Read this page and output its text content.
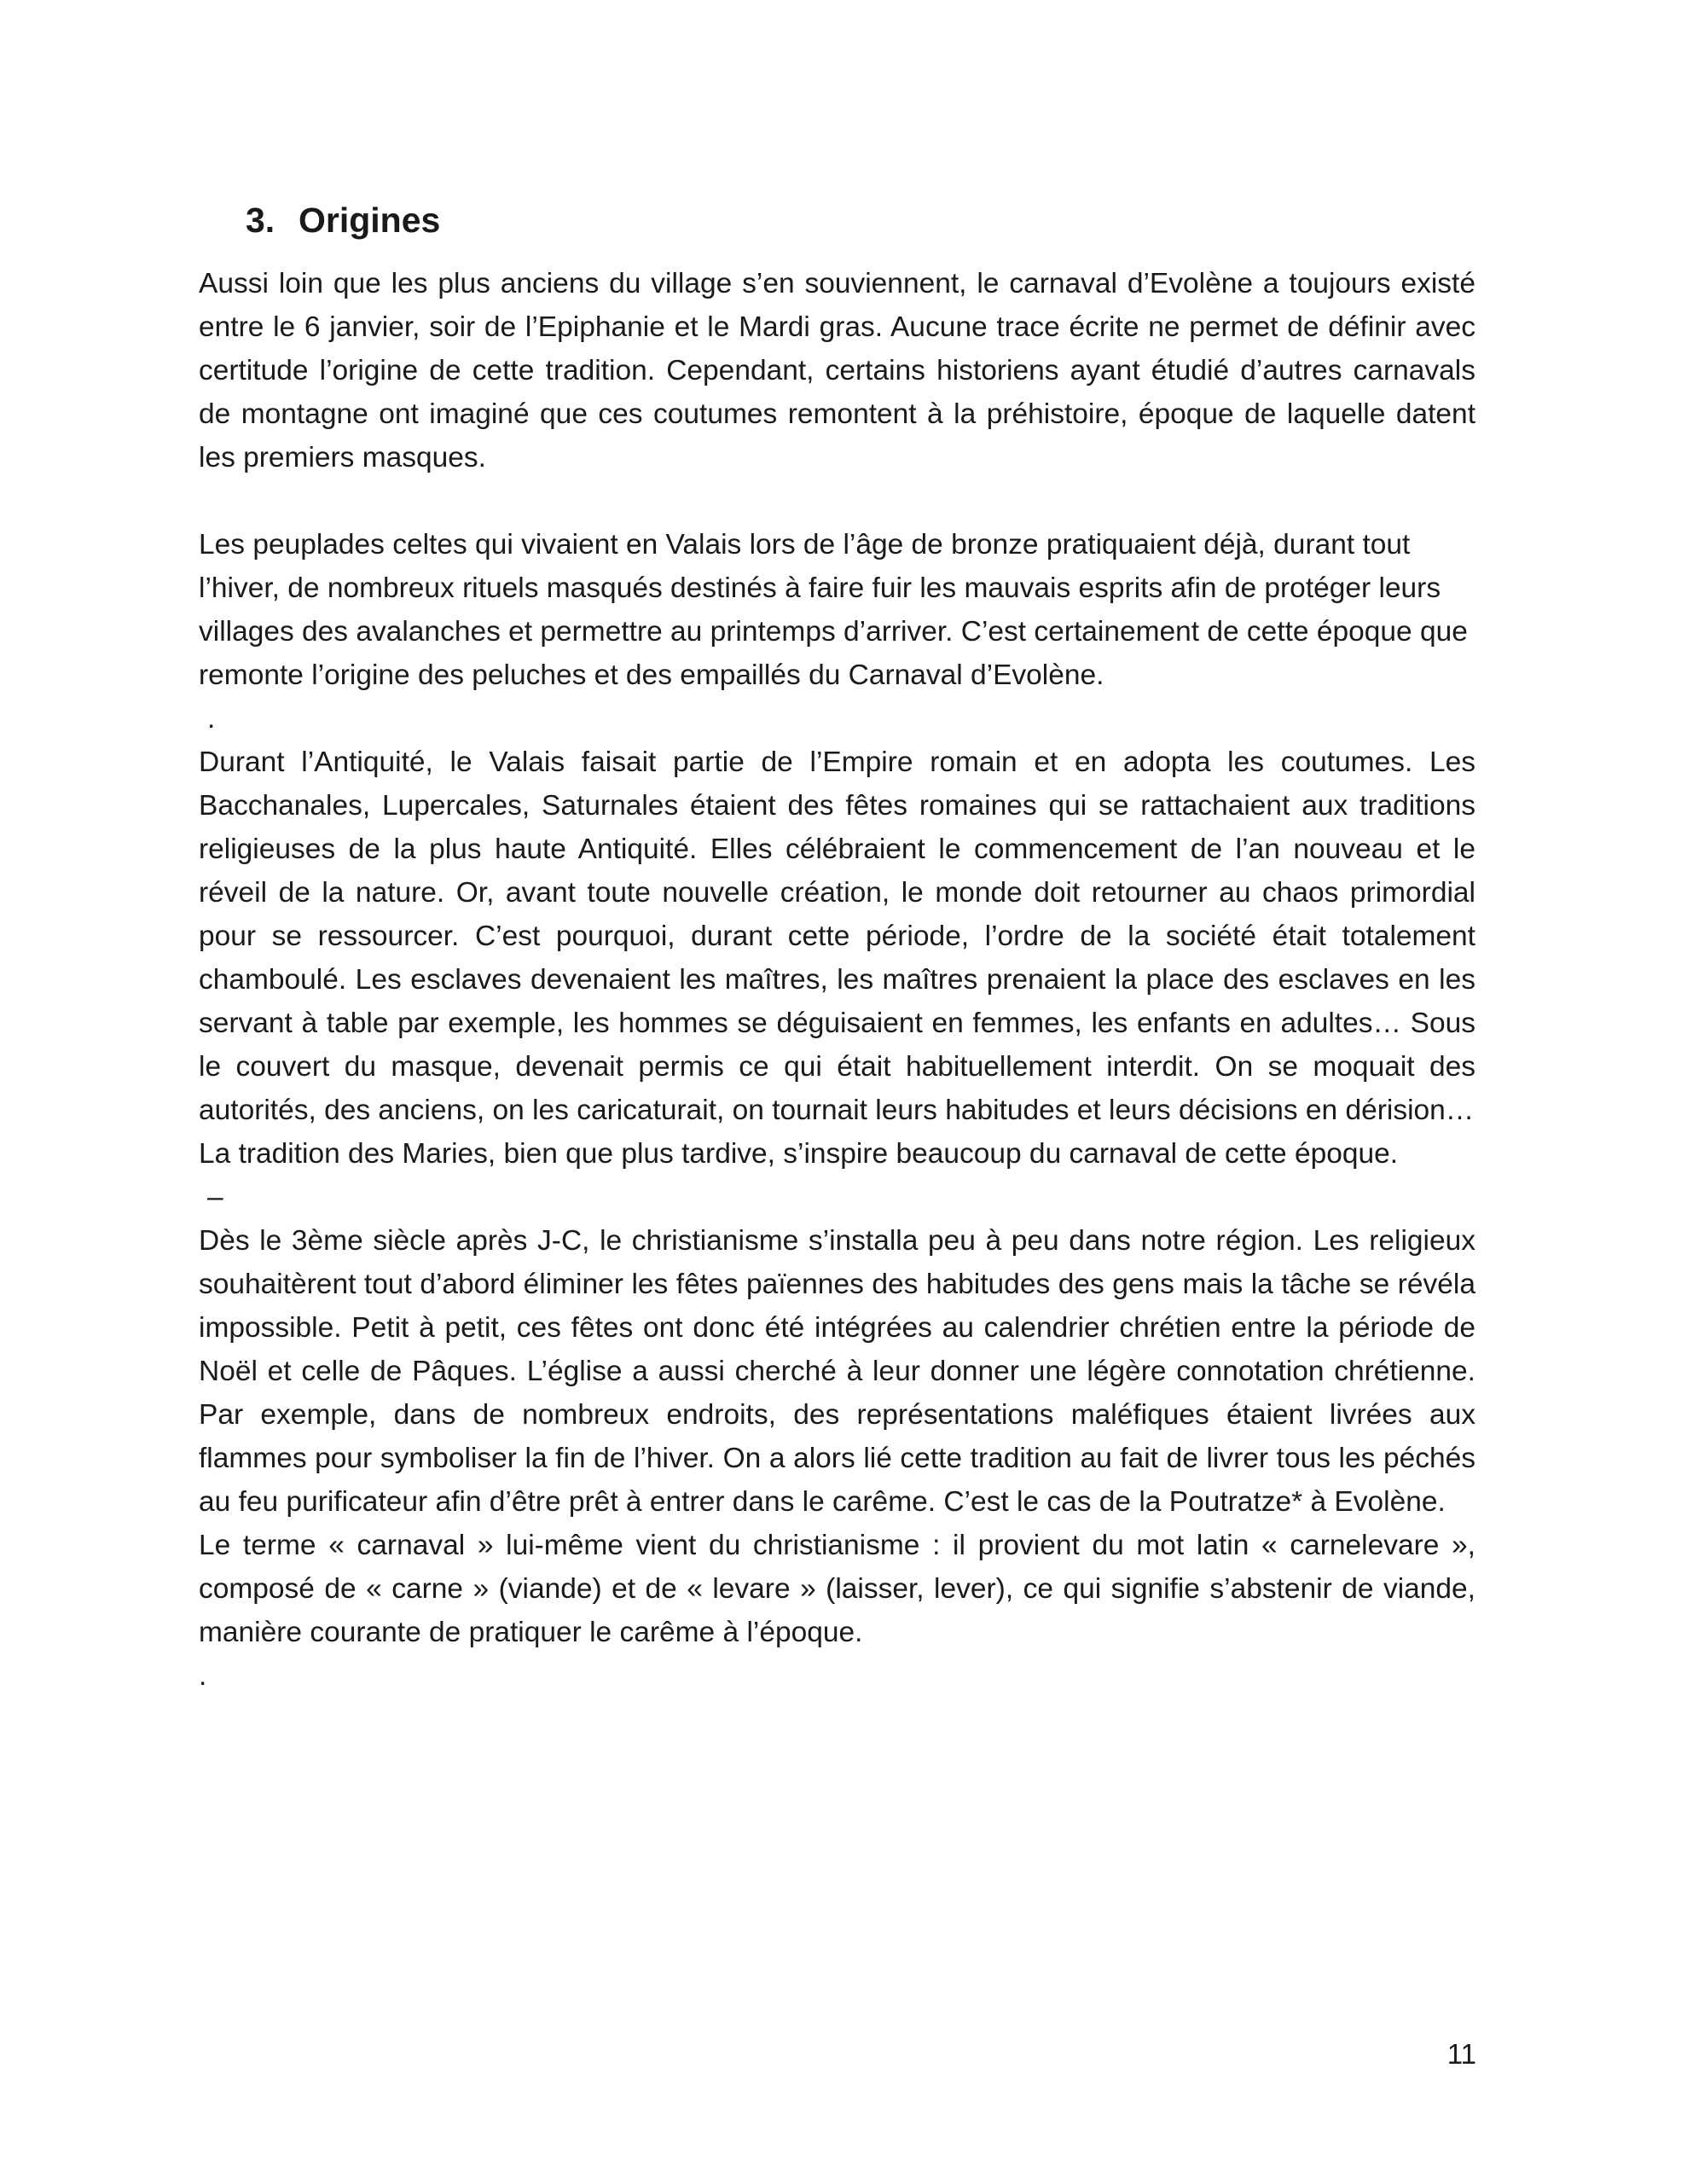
3. Origines

Aussi loin que les plus anciens du village s’en souviennent, le carnaval d’Evolène a toujours existé entre le 6 janvier, soir de l’Epiphanie et le Mardi gras. Aucune trace écrite ne permet de définir avec certitude l’origine de cette tradition. Cependant, certains historiens ayant étudié d’autres carnavals de montagne ont imaginé que ces coutumes remontent à la préhistoire, époque de laquelle datent les premiers masques.

Les peuplades celtes qui vivaient en Valais lors de l’âge de bronze pratiquaient déjà, durant tout l’hiver, de nombreux rituels masqués destinés à faire fuir les mauvais esprits afin de protéger leurs villages des avalanches et permettre au printemps d’arriver. C’est certainement de cette époque que remonte l’origine des peluches et des empaillés du Carnaval d’Evolène.

.

Durant l’Antiquité, le Valais faisait partie de l’Empire romain et en adopta les coutumes. Les Bacchanales, Lupercales, Saturnales étaient des fêtes romaines qui se rattachaient aux traditions religieuses de la plus haute Antiquité. Elles célébraient le commencement de l’an nouveau et le réveil de la nature. Or, avant toute nouvelle création, le monde doit retourner au chaos primordial pour se ressourcer. C’est pourquoi, durant cette période, l’ordre de la société était totalement chamboulé. Les esclaves devenaient les maîtres, les maîtres prenaient la place des esclaves en les servant à table par exemple, les hommes se déguisaient en femmes, les enfants en adultes… Sous le couvert du masque, devenait permis ce qui était habituellement interdit. On se moquait des autorités, des anciens, on les caricaturait, on tournait leurs habitudes et leurs décisions en dérision…

La tradition des Maries, bien que plus tardive, s’inspire beaucoup du carnaval de cette époque.

–

Dès le 3ème siècle après J-C, le christianisme s’installa peu à peu dans notre région. Les religieux souhaitèrent tout d’abord éliminer les fêtes païennes des habitudes des gens mais la tâche se révéla impossible. Petit à petit, ces fêtes ont donc été intégrées au calendrier chrétien entre la période de Noël et celle de Pâques. L’église a aussi cherché à leur donner une légère connotation chrétienne. Par exemple, dans de nombreux endroits, des représentations maléfiques étaient livrées aux flammes pour symboliser la fin de l’hiver. On a alors lié cette tradition au fait de livrer tous les péchés au feu purificateur afin d’être prêt à entrer dans le carême. C’est le cas de la Poutratze* à Evolène.

Le terme « carnaval » lui-même vient du christianisme : il provient du mot latin « carnelevare », composé de « carne » (viande) et de « levare » (laisser, lever), ce qui signifie s’abstenir de viande, manière courante de pratiquer le carême à l’époque.

.

11
